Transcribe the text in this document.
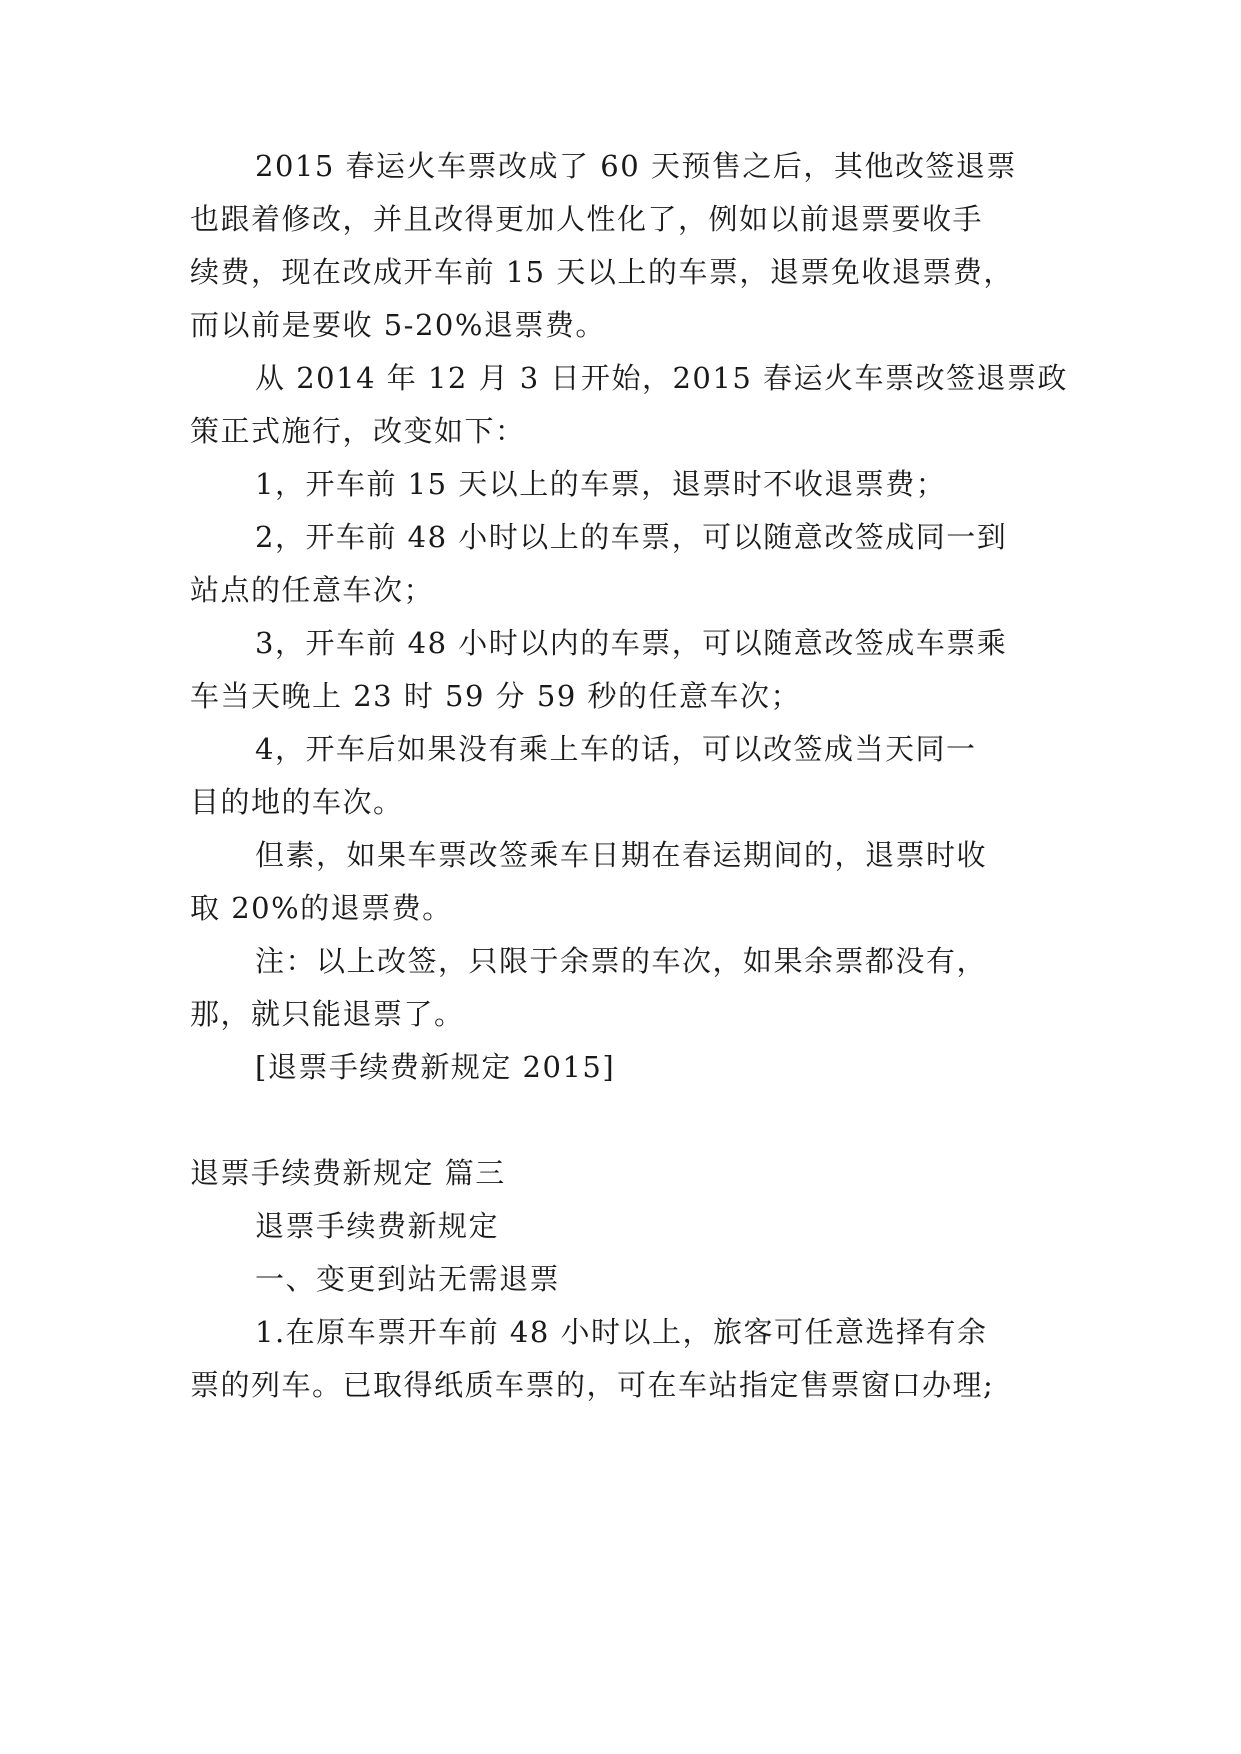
2015 春运火车票改成了 60 天预售之后，其他改签退票

也跟着修改，并且改得更加人性化了，例如以前退票要收手

续费，现在改成开车前 15 天以上的车票，退票免收退票费，

而以前是要收 5-20%退票费。

从 2014 年 12 月 3 日开始，2015 春运火车票改签退票政

策正式施行，改变如下：

1，开车前 15 天以上的车票，退票时不收退票费；

2，开车前 48 小时以上的车票，可以随意改签成同一到

站点的任意车次；

3，开车前 48 小时以内的车票，可以随意改签成车票乘

车当天晚上 23 时 59 分 59 秒的任意车次；

4，开车后如果没有乘上车的话，可以改签成当天同一

目的地的车次。

但素，如果车票改签乘车日期在春运期间的，退票时收

取 20%的退票费。

注：以上改签，只限于余票的车次，如果余票都没有，

那，就只能退票了。

[退票手续费新规定 2015]

退票手续费新规定 篇三

退票手续费新规定

一、变更到站无需退票

1.在原车票开车前 48 小时以上，旅客可任意选择有余

票的列车。已取得纸质车票的，可在车站指定售票窗口办理;
